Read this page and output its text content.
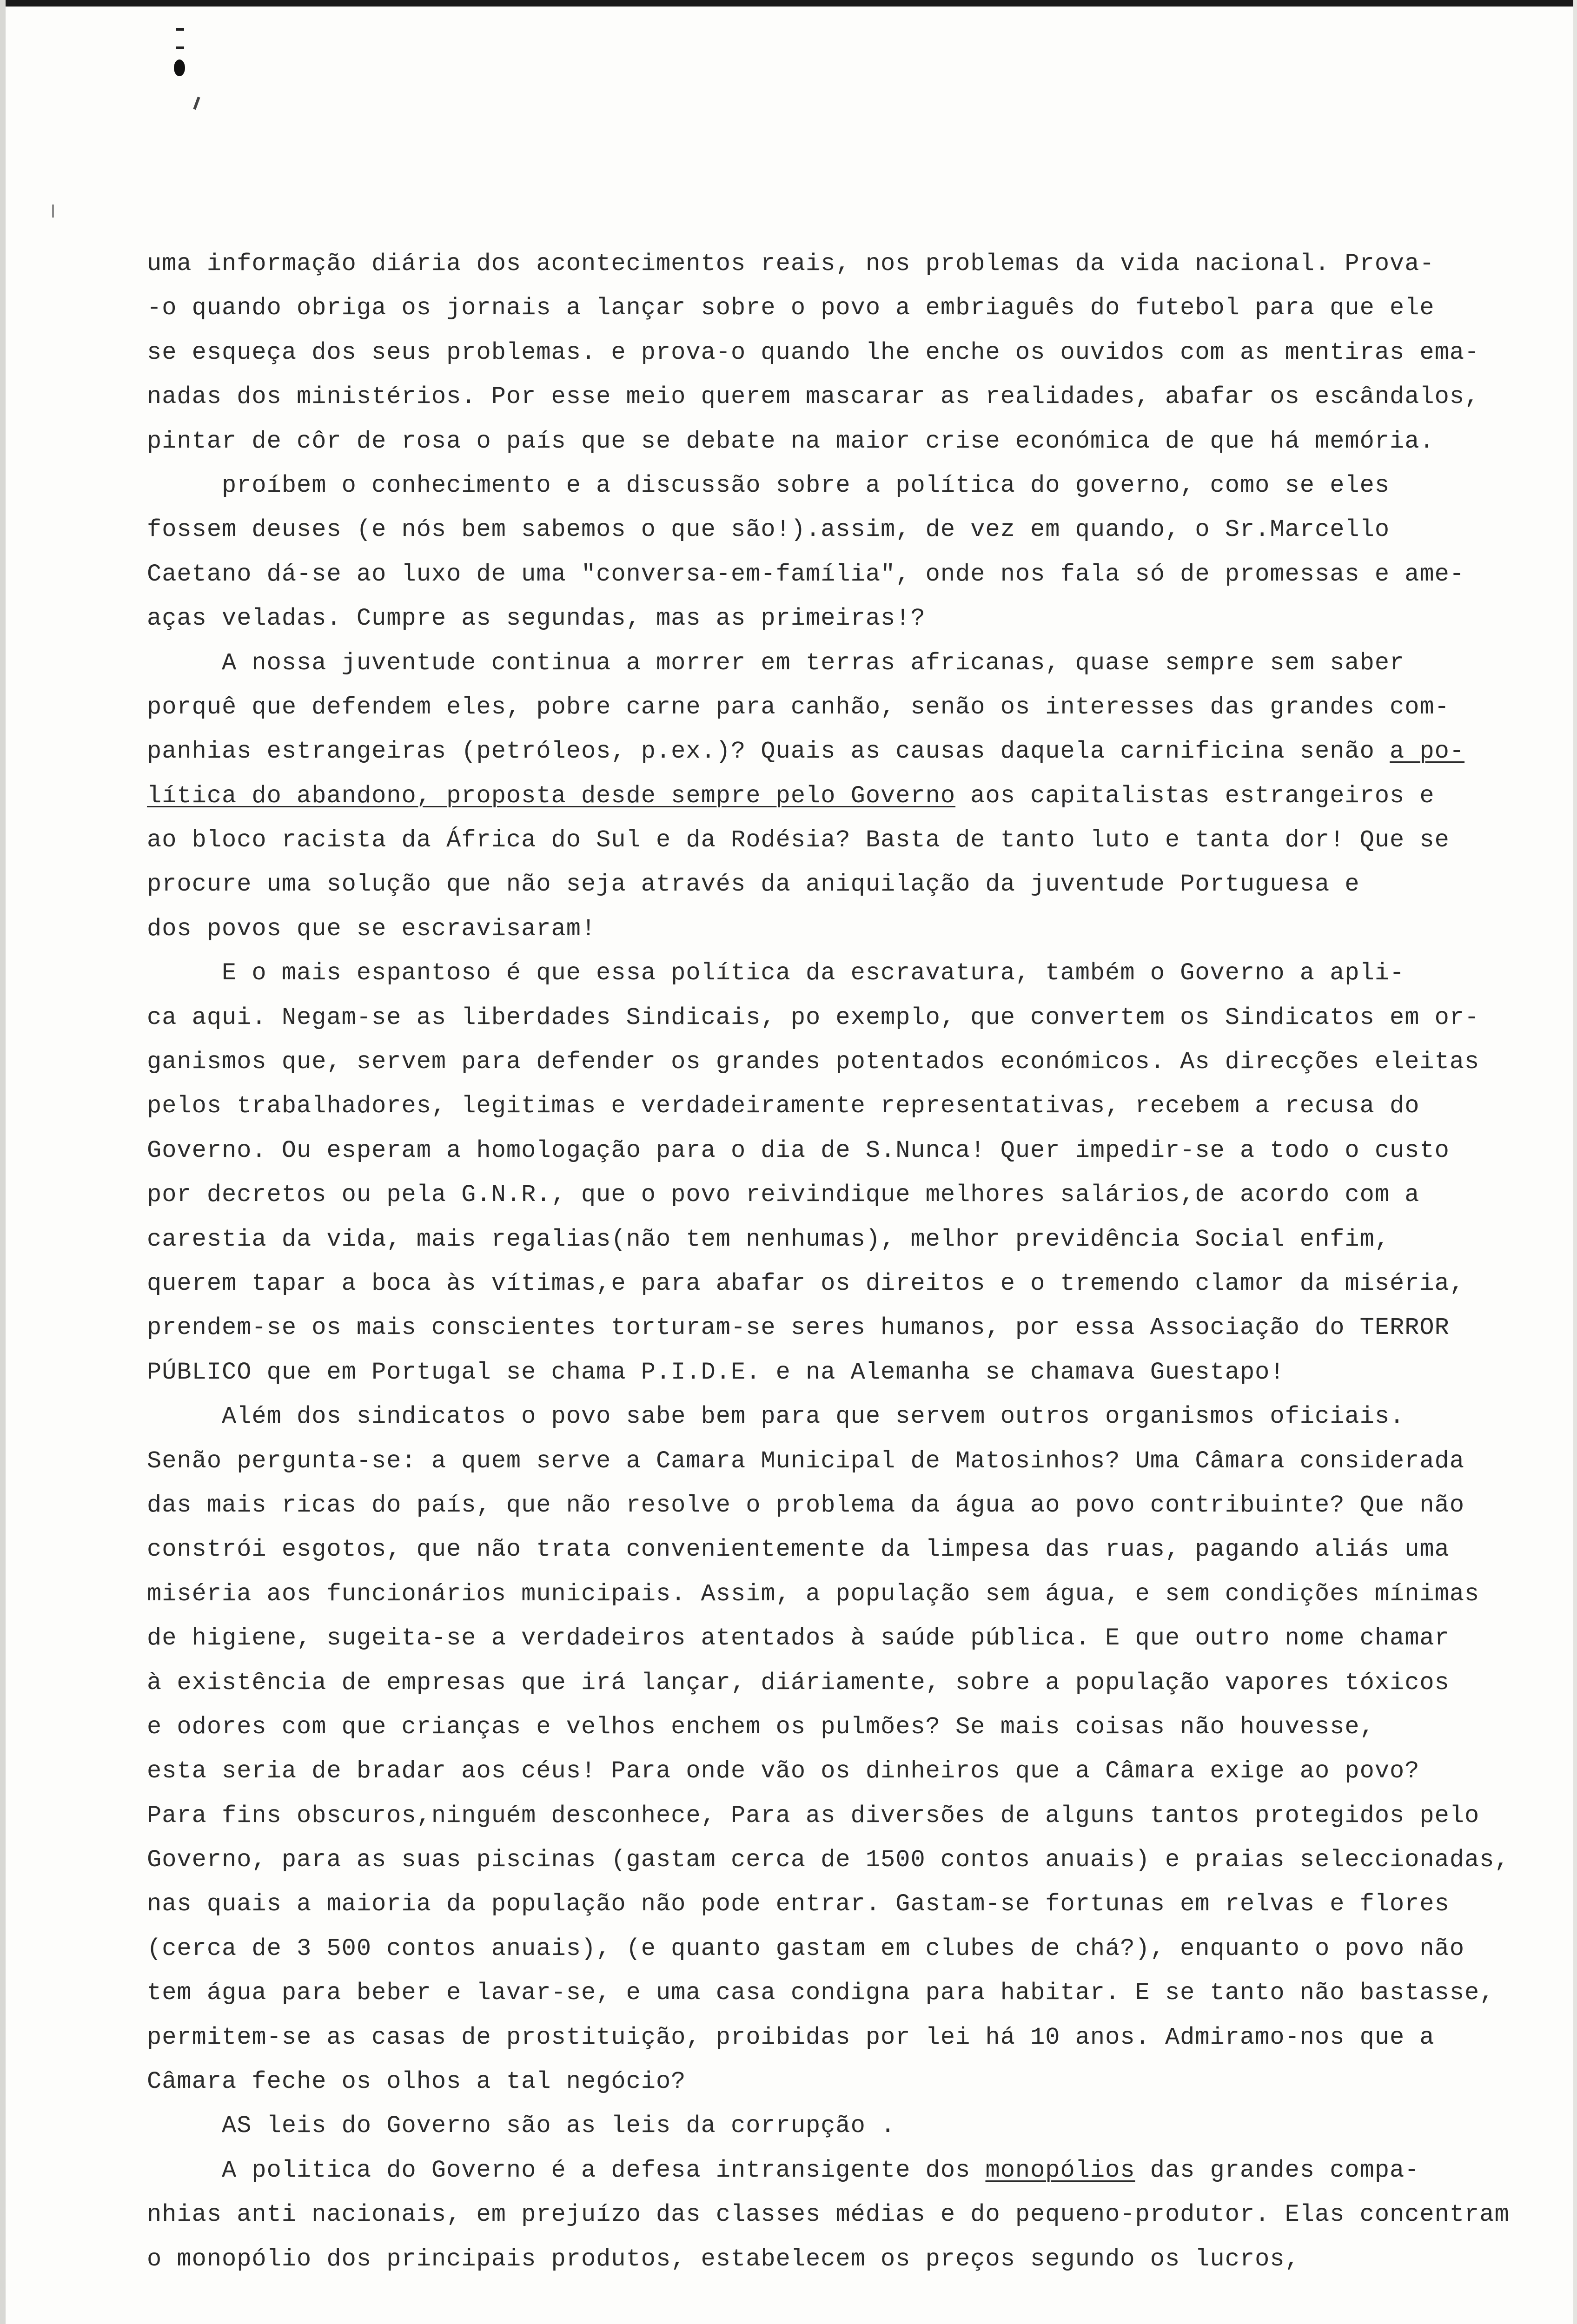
uma informação diária dos acontecimentos reais, nos problemas da vida nacional. Prova-
-o quando obriga os jornais a lançar sobre o povo a embriaguês do futebol para que ele
se esqueça dos seus problemas. e prova-o quando lhe enche os ouvidos com as mentiras ema-
nadas dos ministérios. Por esse meio querem mascarar as realidades, abafar os escândalos,
pintar de côr de rosa o país que se debate na maior crise económica de que há memória.
proíbem o conhecimento e a discussão sobre a política do governo, como se eles
fossem deuses (e nós bem sabemos o que são!).assim, de vez em quando, o Sr.Marcello
Caetano dá-se ao luxo de uma "conversa-em-família", onde nos fala só de promessas e ame-
aças veladas. Cumpre as segundas, mas as primeiras!?
A nossa juventude continua a morrer em terras africanas, quase sempre sem saber
porquê que defendem eles, pobre carne para canhão, senão os interesses das grandes com-
panhias estrangeiras (petróleos, p.ex.)? Quais as causas daquela carnificina senão a po-
lítica do abandono, proposta desde sempre pelo Governo aos capitalistas estrangeiros e
ao bloco racista da África do Sul e da Rodésia? Basta de tanto luto e tanta dor! Que se
procure uma solução que não seja através da aniquilação da juventude Portuguesa e
dos povos que se escravisaram!
E o mais espantoso é que essa política da escravatura, também o Governo a apli-
ca aqui. Negam-se as liberdades Sindicais, po exemplo, que convertem os Sindicatos em or-
ganismos que, servem para defender os grandes potentados económicos. As direcções eleitas
pelos trabalhadores, legitimas e verdadeiramente representativas, recebem a recusa do
Governo. Ou esperam a homologação para o dia de S.Nunca! Quer impedir-se a todo o custo
por decretos ou pela G.N.R., que o povo reivindique melhores salários,de acordo com a
carestia da vida, mais regalias(não tem nenhumas), melhor previdência Social enfim,
querem tapar a boca às vítimas,e para abafar os direitos e o tremendo clamor da miséria,
prendem-se os mais conscientes torturam-se seres humanos, por essa Associação do TERROR
PÚBLICO que em Portugal se chama P.I.D.E. e na Alemanha se chamava Guestapo!
Além dos sindicatos o povo sabe bem para que servem outros organismos oficiais.
Senão pergunta-se: a quem serve a Camara Municipal de Matosinhos? Uma Câmara considerada
das mais ricas do país, que não resolve o problema da água ao povo contribuinte? Que não
constrói esgotos, que não trata convenientemente da limpesa das ruas, pagando aliás uma
miséria aos funcionários municipais. Assim, a população sem água, e sem condições mínimas
de higiene, sugeita-se a verdadeiros atentados à saúde pública. E que outro nome chamar
à existência de empresas que irá lançar, diáriamente, sobre a população vapores tóxicos
e odores com que crianças e velhos enchem os pulmões? Se mais coisas não houvesse,
esta seria de bradar aos céus! Para onde vão os dinheiros que a Câmara exige ao povo?
Para fins obscuros,ninguém desconhece, Para as diversões de alguns tantos protegidos pelo
Governo, para as suas piscinas (gastam cerca de 1500 contos anuais) e praias seleccionadas,
nas quais a maioria da população não pode entrar. Gastam-se fortunas em relvas e flores
(cerca de 3 500 contos anuais), (e quanto gastam em clubes de chá?), enquanto o povo não
tem água para beber e lavar-se, e uma casa condigna para habitar. E se tanto não bastasse,
permitem-se as casas de prostituição, proibidas por lei há 10 anos. Admiramo-nos que a
Câmara feche os olhos a tal negócio?
AS leis do Governo são as leis da corrupção .
A politica do Governo é a defesa intransigente dos monopólios das grandes compa-
nhias anti nacionais, em prejuízo das classes médias e do pequeno-produtor. Elas concentram
o monopólio dos principais produtos, estabelecem os preços segundo os lucros,
